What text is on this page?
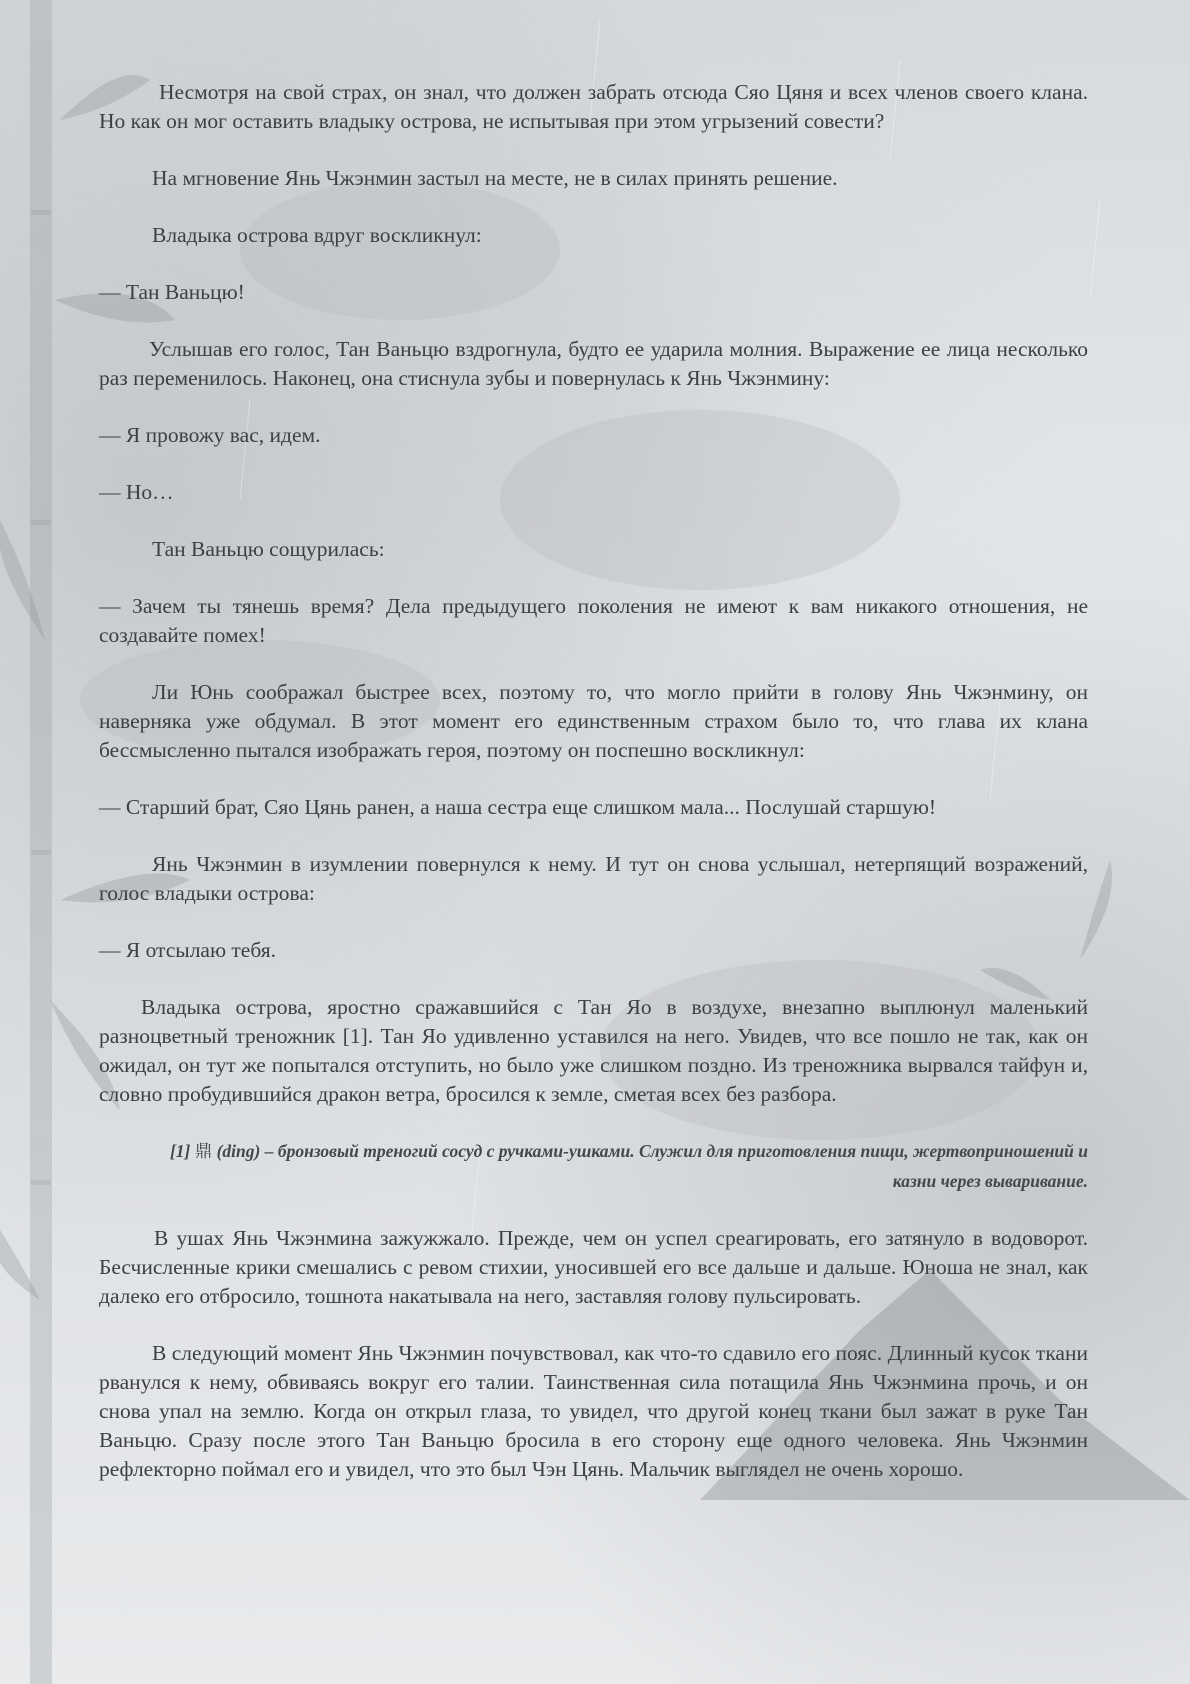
Несмотря на свой страх, он знал, что должен забрать отсюда Сяо Цяня и всех членов своего клана. Но как он мог оставить владыку острова, не испытывая при этом угрызений совести?

На мгновение Янь Чжэнмин застыл на месте, не в силах принять решение.

Владыка острова вдруг воскликнул:

— Тан Ваньцю!

Услышав его голос, Тан Ваньцю вздрогнула, будто ее ударила молния. Выражение ее лица несколько раз переменилось. Наконец, она стиснула зубы и повернулась к Янь Чжэнмину:

— Я провожу вас, идем.

— Но…

Тан Ваньцю сощурилась:

— Зачем ты тянешь время? Дела предыдущего поколения не имеют к вам никакого отношения, не создавайте помех!

Ли Юнь соображал быстрее всех, поэтому то, что могло прийти в голову Янь Чжэнмину, он наверняка уже обдумал. В этот момент его единственным страхом было то, что глава их клана бессмысленно пытался изображать героя, поэтому он поспешно воскликнул:

— Старший брат, Сяо Цянь ранен, а наша сестра еще слишком мала... Послушай старшую!

Янь Чжэнмин в изумлении повернулся к нему. И тут он снова услышал, нетерпящий возражений, голос владыки острова:

— Я отсылаю тебя.

Владыка острова, яростно сражавшийся с Тан Яо в воздухе, внезапно выплюнул маленький разноцветный треножник [1]. Тан Яо удивленно уставился на него. Увидев, что все пошло не так, как он ожидал, он тут же попытался отступить, но было уже слишком поздно. Из треножника вырвался тайфун и, словно пробудившийся дракон ветра, бросился к земле, сметая всех без разбора.

[1] 鼎 (ding) – бронзовый треногий сосуд с ручками-ушками. Служил для приготовления пищи, жертвоприношений и казни через вываривание.

В ушах Янь Чжэнмина зажужжало. Прежде, чем он успел среагировать, его затянуло в водоворот. Бесчисленные крики смешались с ревом стихии, уносившей его все дальше и дальше. Юноша не знал, как далеко его отбросило, тошнота накатывала на него, заставляя голову пульсировать.

В следующий момент Янь Чжэнмин почувствовал, как что-то сдавило его пояс. Длинный кусок ткани рванулся к нему, обвиваясь вокруг его талии. Таинственная сила потащила Янь Чжэнмина прочь, и он снова упал на землю. Когда он открыл глаза, то увидел, что другой конец ткани был зажат в руке Тан Ваньцю. Сразу после этого Тан Ваньцю бросила в его сторону еще одного человека. Янь Чжэнмин рефлекторно поймал его и увидел, что это был Чэн Цянь. Мальчик выглядел не очень хорошо.
